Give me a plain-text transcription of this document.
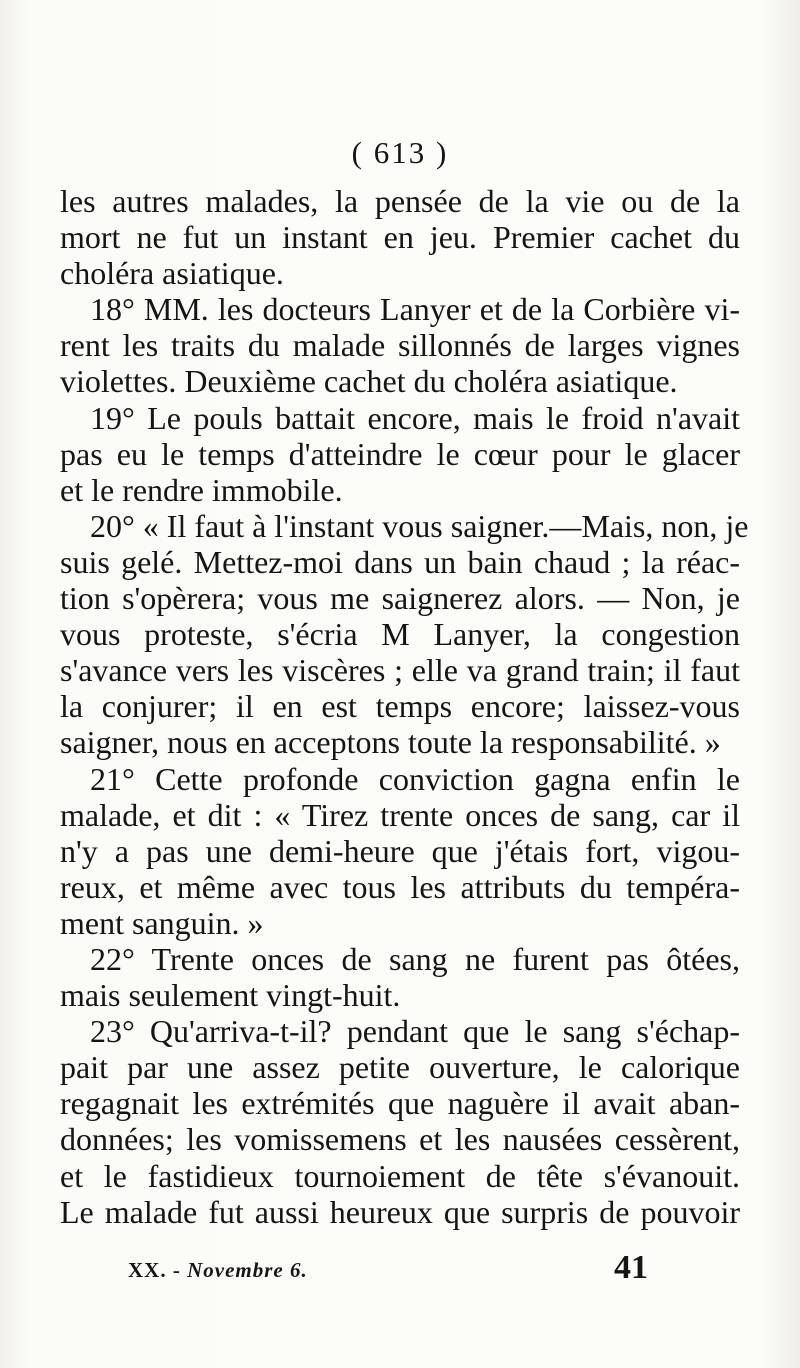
( 613 )
les autres malades, la pensée de la vie ou de la
mort ne fut un instant en jeu. Premier cachet du
choléra asiatique.
18° MM. les docteurs Lanyer et de la Corbière vi-
rent les traits du malade sillonnés de larges vignes
violettes. Deuxième cachet du choléra asiatique.
19° Le pouls battait encore, mais le froid n'avait
pas eu le temps d'atteindre le cœur pour le glacer
et le rendre immobile.
20° « Il faut à l'instant vous saigner.—Mais, non, je
suis gelé. Mettez-moi dans un bain chaud ; la réac-
tion s'opèrera; vous me saignerez alors. — Non, je
vous proteste, s'écria M Lanyer, la congestion
s'avance vers les viscères ; elle va grand train; il faut
la conjurer; il en est temps encore; laissez-vous
saigner, nous en acceptons toute la responsabilité. »
21° Cette profonde conviction gagna enfin le
malade, et dit : « Tirez trente onces de sang, car il
n'y a pas une demi-heure que j'étais fort, vigou-
reux, et même avec tous les attributs du tempéra-
ment sanguin. »
22° Trente onces de sang ne furent pas ôtées,
mais seulement vingt-huit.
23° Qu'arriva-t-il? pendant que le sang s'échap-
pait par une assez petite ouverture, le calorique
regagnait les extrémités que naguère il avait aban-
données; les vomissemens et les nausées cessèrent,
et le fastidieux tournoiement de tête s'évanouit.
Le malade fut aussi heureux que surpris de pouvoir
XX. - Novembre 6.	41
